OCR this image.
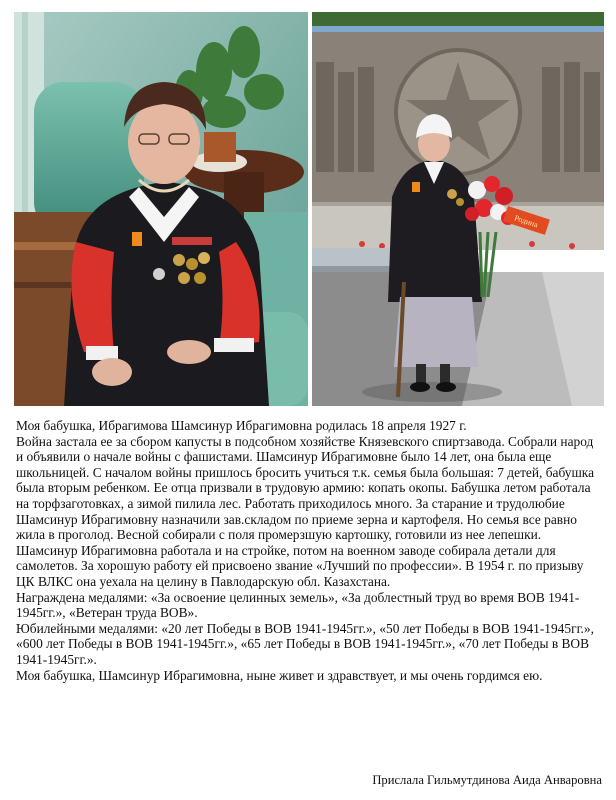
Родина

Моя бабушка, Ибрагимова Шамсинур Ибрагимовна родилась 18 апреля 1927 г.

Война застала ее за сбором капусты в подсобном хозяйстве Князевского спиртзавода. Собрали народ и объявили о начале войны с фашистами. Шамсинур Ибрагимовне было 14 лет, она была еще школьницей. С началом войны пришлось бросить учиться т.к. семья была большая: 7 детей, бабушка была вторым ребенком. Ее отца призвали в трудовую армию: копать окопы. Бабушка летом работала на торфзаготовках, а зимой пилила лес. Работать приходилось много. За старание и трудолюбие Шамсинур Ибрагимовну назначили зав.складом по приеме зерна и картофеля. Но семья все равно жила в проголод. Весной собирали с поля промерзшую картошку, готовили из нее лепешки. Шамсинур Ибрагимовна работала и на стройке, потом на военном заводе собирала детали для самолетов. За хорошую работу ей присвоено звание «Лучший по профессии». В 1954 г. по призыву ЦК ВЛКС она уехала на целину в Павлодарскую обл. Казахстана.

Награждена медалями: «За освоение целинных земель», «За доблестный труд во время ВОВ 1941-1945гг.», «Ветеран труда ВОВ».

Юбилейными медалями: «20 лет Победы в ВОВ 1941-1945гг.», «50 лет Победы в ВОВ 1941-1945гг.», «600 лет Победы в ВОВ 1941-1945гг.», «65 лет Победы в ВОВ 1941-1945гг.», «70 лет Победы в ВОВ 1941-1945гг.».

Моя бабушка, Шамсинур Ибрагимовна, ныне живет и здравствует, и мы очень гордимся ею.

Прислала Гильмутдинова Аида Анваровна
